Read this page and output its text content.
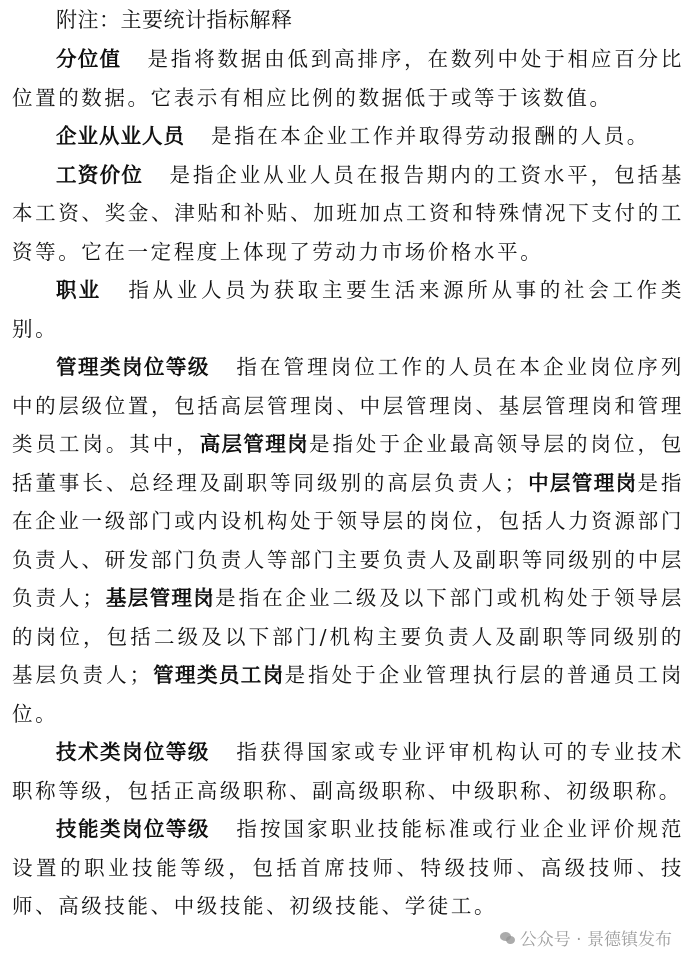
附注：主要统计指标解释

分位值 是指将数据由低到高排序，在数列中处于相应百分比位置的数据。它表示有相应比例的数据低于或等于该数值。

企业从业人员 是指在本企业工作并取得劳动报酬的人员。

工资价位 是指企业从业人员在报告期内的工资水平，包括基本工资、奖金、津贴和补贴、加班加点工资和特殊情况下支付的工资等。它在一定程度上体现了劳动力市场价格水平。

职业 指从业人员为获取主要生活来源所从事的社会工作类别。

管理类岗位等级 指在管理岗位工作的人员在本企业岗位序列中的层级位置，包括高层管理岗、中层管理岗、基层管理岗和管理类员工岗。其中，高层管理岗是指处于企业最高领导层的岗位，包括董事长、总经理及副职等同级别的高层负责人；中层管理岗是指在企业一级部门或内设机构处于领导层的岗位，包括人力资源部门负责人、研发部门负责人等部门主要负责人及副职等同级别的中层负责人；基层管理岗是指在企业二级及以下部门或机构处于领导层的岗位，包括二级及以下部门/机构主要负责人及副职等同级别的基层负责人；管理类员工岗是指处于企业管理执行层的普通员工岗位。

技术类岗位等级 指获得国家或专业评审机构认可的专业技术职称等级，包括正高级职称、副高级职称、中级职称、初级职称。

技能类岗位等级 指按国家职业技能标准或行业企业评价规范设置的职业技能等级，包括首席技师、特级技师、高级技师、技师、高级技能、中级技能、初级技能、学徒工。

公众号 · 景德镇发布
